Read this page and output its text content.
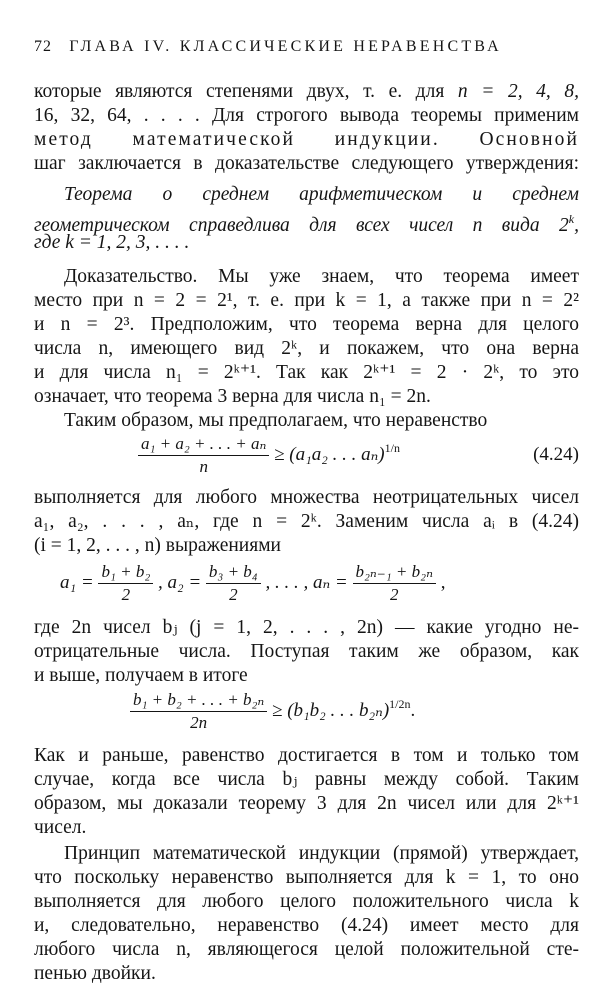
72 ГЛАВА IV. КЛАССИЧЕСКИЕ НЕРАВЕНСТВА
которые являются степенями двух, т. е. для n = 2, 4, 8,
16, 32, 64, . . . . Для строгого вывода теоремы применим
метод математической индукции. Основной
шаг заключается в доказательстве следующего утверждения:
Теорема о среднем арифметическом и среднем
геометрическом справедлива для всех чисел n вида 2$^k$,
где k = 1, 2, 3, . . . .
Доказательство. Мы уже знаем, что теорема имеет
место при n = 2 = 2¹, т. е. при k = 1, а также при n = 2²
и n = 2³. Предположим, что теорема верна для целого
числа n, имеющего вид 2ᵏ, и покажем, что она верна
и для числа n₁ = 2ᵏ⁺¹. Так как 2ᵏ⁺¹ = 2 · 2ᵏ, то это
означает, что теорема 3 верна для числа n₁ = 2n.
Таким образом, мы предполагаем, что неравенство
$\frac{\text{a₁ + a₂ + . . . + aₙ}}{n} \ge (a_1a_2$ . . . aₙ)$^{1/n}$	(4.24)
выполняется для любого множества неотрицательных чисел
a₁, a₂, . . . , aₙ, где n = 2ᵏ. Заменим числа aᵢ в (4.24)
(i = 1, 2, . . . , n) выражениями
$a_1 = \frac{\text{b₁ + b₂}}{2}$ , $a_2 = \frac{\text{b₃ + b₄}}{2}$ , . . . , $a_n = \frac{\text{b₂ₙ₋₁ + b₂ₙ}}{2}$ ,
где 2n чисел bⱼ (j = 1, 2, . . . , 2n) — какие угодно не-
отрицательные числа. Поступая таким же образом, как
и выше, получаем в итоге
$\frac{\text{b₁ + b₂ + . . . + b₂ₙ}}{2n} \ge (b_1b_2$ . . . b₂ₙ)$^{1/2n}$.
Как и раньше, равенство достигается в том и только том
случае, когда все числа bⱼ равны между собой. Таким
образом, мы доказали теорему 3 для 2n чисел или для 2ᵏ⁺¹
чисел.
Принцип математической индукции (прямой) утверждает,
что поскольку неравенство выполняется для k = 1, то оно
выполняется для любого целого положительного числа k
и, следовательно, неравенство (4.24) имеет место для
любого числа n, являющегося целой положительной сте-
пенью двойки.
